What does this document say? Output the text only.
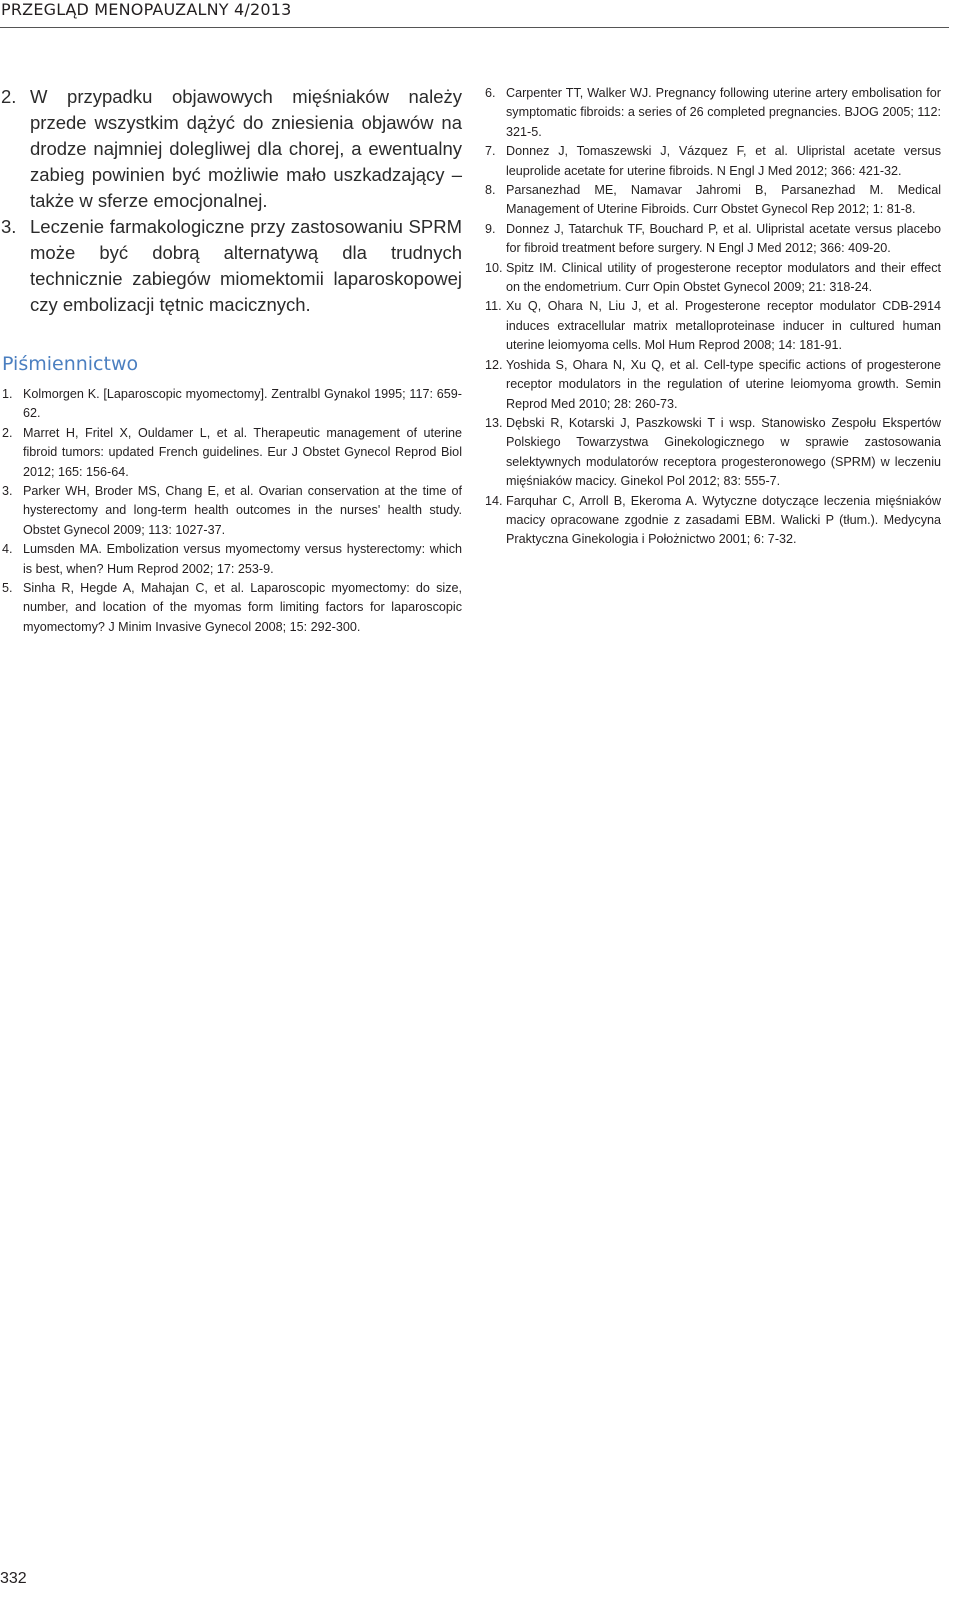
PRZEGLĄD MENOPAUZALNY 4/2013
2. W przypadku objawowych mięśniaków należy przede wszystkim dążyć do zniesienia objawów na drodze najmniej dolegliwej dla chorej, a ewentualny zabieg powinien być możliwie mało uszkadzający – także w sferze emocjonalnej.
3. Leczenie farmakologiczne przy zastosowaniu SPRM może być dobrą alternatywą dla trudnych technicznie zabiegów miomektomii laparoskopowej czy embolizacji tętnic macicznych.
Piśmiennictwo
1. Kolmorgen K. [Laparoscopic myomectomy]. Zentralbl Gynakol 1995; 117: 659-62.
2. Marret H, Fritel X, Ouldamer L, et al. Therapeutic management of uterine fibroid tumors: updated French guidelines. Eur J Obstet Gynecol Reprod Biol 2012; 165: 156-64.
3. Parker WH, Broder MS, Chang E, et al. Ovarian conservation at the time of hysterectomy and long-term health outcomes in the nurses' health study. Obstet Gynecol 2009; 113: 1027-37.
4. Lumsden MA. Embolization versus myomectomy versus hysterectomy: which is best, when? Hum Reprod 2002; 17: 253-9.
5. Sinha R, Hegde A, Mahajan C, et al. Laparoscopic myomectomy: do size, number, and location of the myomas form limiting factors for laparoscopic myomectomy? J Minim Invasive Gynecol 2008; 15: 292-300.
6. Carpenter TT, Walker WJ. Pregnancy following uterine artery embolisation for symptomatic fibroids: a series of 26 completed pregnancies. BJOG 2005; 112: 321-5.
7. Donnez J, Tomaszewski J, Vázquez F, et al. Ulipristal acetate versus leuprolide acetate for uterine fibroids. N Engl J Med 2012; 366: 421-32.
8. Parsanezhad ME, Namavar Jahromi B, Parsanezhad M. Medical Management of Uterine Fibroids. Curr Obstet Gynecol Rep 2012; 1: 81-8.
9. Donnez J, Tatarchuk TF, Bouchard P, et al. Ulipristal acetate versus placebo for fibroid treatment before surgery. N Engl J Med 2012; 366: 409-20.
10. Spitz IM. Clinical utility of progesterone receptor modulators and their effect on the endometrium. Curr Opin Obstet Gynecol 2009; 21: 318-24.
11. Xu Q, Ohara N, Liu J, et al. Progesterone receptor modulator CDB-2914 induces extracellular matrix metalloproteinase inducer in cultured human uterine leiomyoma cells. Mol Hum Reprod 2008; 14: 181-91.
12. Yoshida S, Ohara N, Xu Q, et al. Cell-type specific actions of progesterone receptor modulators in the regulation of uterine leiomyoma growth. Semin Reprod Med 2010; 28: 260-73.
13. Dębski R, Kotarski J, Paszkowski T i wsp. Stanowisko Zespołu Ekspertów Polskiego Towarzystwa Ginekologicznego w sprawie zastosowania selektywnych modulatorów receptora progesteronowego (SPRM) w leczeniu mięśniaków macicy. Ginekol Pol 2012; 83: 555-7.
14. Farquhar C, Arroll B, Ekeroma A. Wytyczne dotyczące leczenia mięśniaków macicy opracowane zgodnie z zasadami EBM. Walicki P (tłum.). Medycyna Praktyczna Ginekologia i Położnictwo 2001; 6: 7-32.
332
